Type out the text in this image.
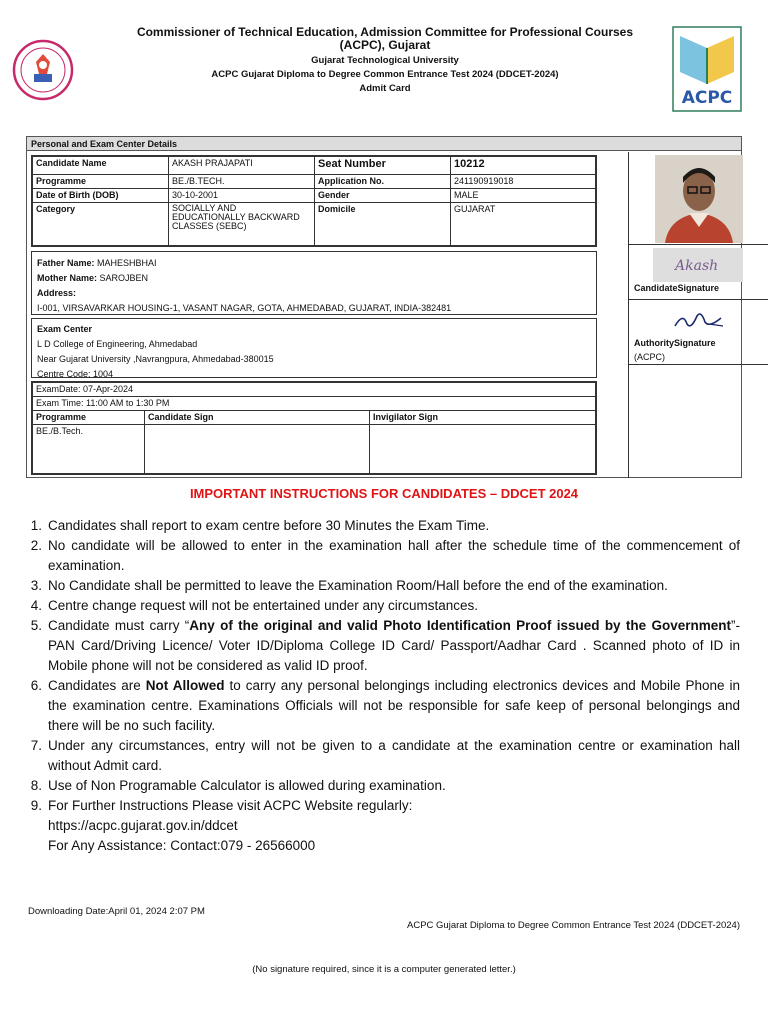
Commissioner of Technical Education, Admission Committee for Professional Courses
(ACPC), Gujarat
Gujarat Technological University
ACPC Gujarat Diploma to Degree Common Entrance Test 2024 (DDCET-2024)
Admit Card	ACPC
Personal and Exam Center Details
Candidate Name	AKASH PRAJAPATI	Seat Number	10212
Programme	BE./B.TECH.	Application No.	241190919018
Date of Birth (DOB)	30-10-2001	Gender	MALE
Category	SOCIALLY AND EDUCATIONALLY BACKWARD CLASSES (SEBC)	Domicile	GUJARAT
Father Name: MAHESHBHAI
Mother Name: SAROJBEN
Address:
I-001, VIRSAVARKAR HOUSING-1, VASANT NAGAR, GOTA, AHMEDABAD, GUJARAT, INDIA-382481
Exam Center
L D College of Engineering, Ahmedabad
Near Gujarat University ,Navrangpura, Ahmedabad-380015
Centre Code: 1004
ExamDate: 07-Apr-2024		
Exam Time: 11:00 AM to 1:30 PM		
Programme	Candidate Sign	Invigilator Sign
BE./B.Tech.		
Akash
CandidateSignature
AuthoritySignature
(ACPC)
IMPORTANT INSTRUCTIONS FOR CANDIDATES – DDCET 2024
1. Candidates shall report to exam centre before 30 Minutes the Exam Time.
2. No candidate will be allowed to enter in the examination hall after the schedule time of the commencement of examination.
3. No Candidate shall be permitted to leave the Examination Room/Hall before the end of the examination.
4. Centre change request will not be entertained under any circumstances.
5. Candidate must carry “Any of the original and valid Photo Identification Proof issued by the Government”- PAN Card/Driving Licence/ Voter ID/Diploma College ID Card/ Passport/Aadhar Card . Scanned photo of ID in Mobile phone will not be considered as valid ID proof.
6. Candidates are Not Allowed to carry any personal belongings including electronics devices and Mobile Phone in the examination centre. Examinations Officials will not be responsible for safe keep of personal belongings and there will be no such facility.
7. Under any circumstances, entry will not be given to a candidate at the examination centre or examination hall without Admit card.
8. Use of Non Programable Calculator is allowed during examination.
9. For Further Instructions Please visit ACPC Website regularly:
https://acpc.gujarat.gov.in/ddcet
For Any Assistance: Contact:079 - 26566000
Downloading Date:April 01, 2024 2:07 PM
ACPC Gujarat Diploma to Degree Common Entrance Test 2024 (DDCET-2024)
(No signature required, since it is a computer generated letter.)
